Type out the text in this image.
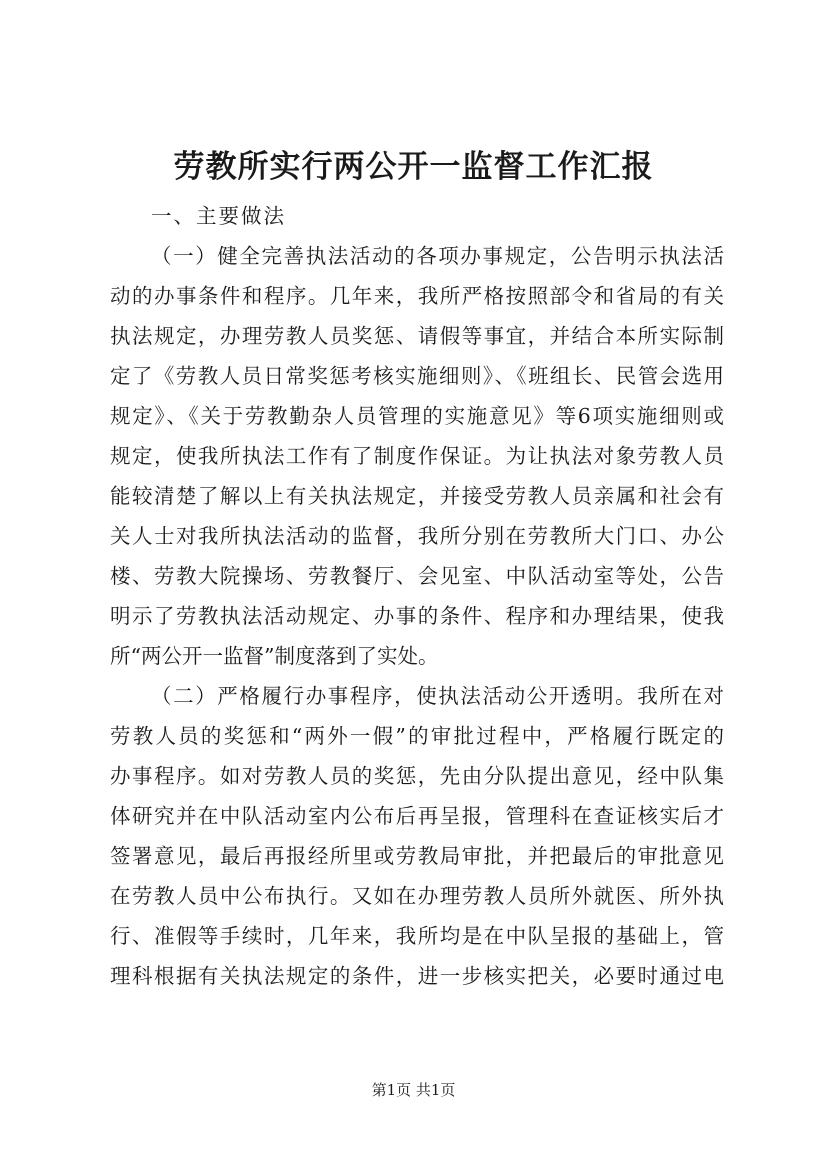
劳教所实行两公开一监督工作汇报
一、主要做法
（一）健全完善执法活动的各项办事规定，公告明示执法活
动的办事条件和程序。几年来，我所严格按照部令和省局的有关
执法规定，办理劳教人员奖惩、请假等事宜，并结合本所实际制
定了《劳教人员日常奖惩考核实施细则》、《班组长、民管会选用
规定》、《关于劳教勤杂人员管理的实施意见》等6项实施细则或
规定，使我所执法工作有了制度作保证。为让执法对象劳教人员
能较清楚了解以上有关执法规定，并接受劳教人员亲属和社会有
关人士对我所执法活动的监督，我所分别在劳教所大门口、办公
楼、劳教大院操场、劳教餐厅、会见室、中队活动室等处，公告
明示了劳教执法活动规定、办事的条件、程序和办理结果，使我
所“两公开一监督”制度落到了实处。
（二）严格履行办事程序，使执法活动公开透明。我所在对
劳教人员的奖惩和“两外一假”的审批过程中，严格履行既定的
办事程序。如对劳教人员的奖惩，先由分队提出意见，经中队集
体研究并在中队活动室内公布后再呈报，管理科在查证核实后才
签署意见，最后再报经所里或劳教局审批，并把最后的审批意见
在劳教人员中公布执行。又如在办理劳教人员所外就医、所外执
行、准假等手续时，几年来，我所均是在中队呈报的基础上，管
理科根据有关执法规定的条件，进一步核实把关，必要时通过电
第1页 共1页
